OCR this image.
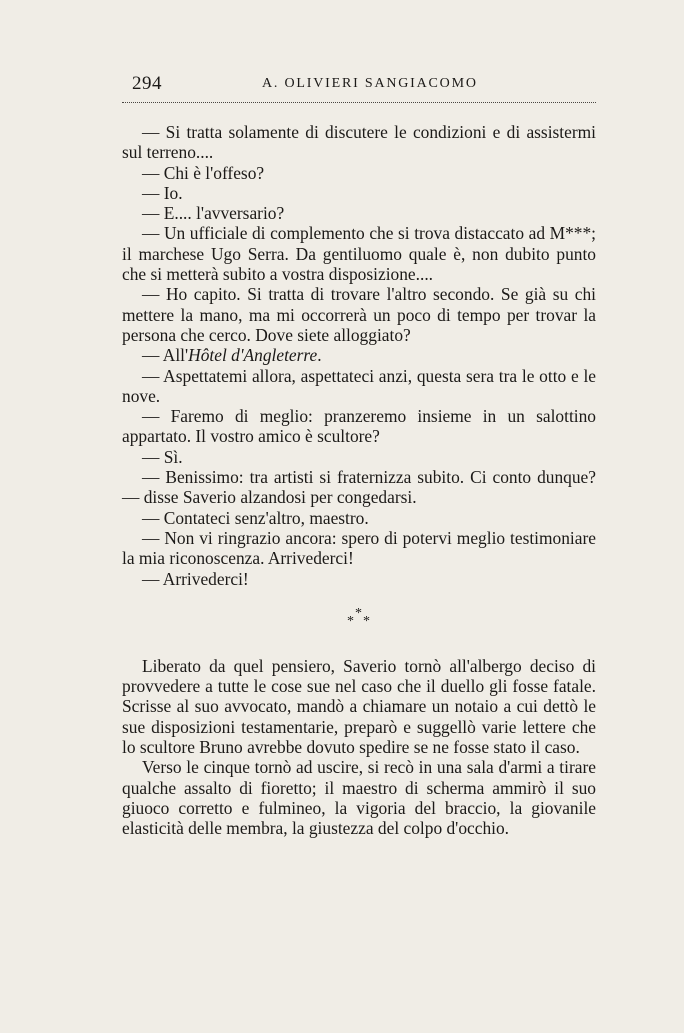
294	A. OLIVIERI SANGIACOMO

— Si tratta solamente di discutere le condizioni e di assistermi sul terreno....

— Chi è l'offeso?

— Io.

— E.... l'avversario?

— Un ufficiale di complemento che si trova distaccato ad M***; il marchese Ugo Serra. Da gentiluomo quale è, non dubito punto che si metterà subito a vostra disposizione....

— Ho capito. Si tratta di trovare l'altro secondo. Se già su chi mettere la mano, ma mi occorrerà un poco di tempo per trovar la persona che cerco. Dove siete alloggiato?

— All'Hôtel d'Angleterre.

— Aspettatemi allora, aspettateci anzi, questa sera tra le otto e le nove.

— Faremo di meglio: pranzeremo insieme in un salottino appartato. Il vostro amico è scultore?

— Sì.

— Benissimo: tra artisti si fraternizza subito. Ci conto dunque? — disse Saverio alzandosi per congedarsi.

— Contateci senz'altro, maestro.

— Non vi ringrazio ancora: spero di potervi meglio testimoniare la mia riconoscenza. Arrivederci!

— Arrivederci!

*
*
*

Liberato da quel pensiero, Saverio tornò all'albergo deciso di provvedere a tutte le cose sue nel caso che il duello gli fosse fatale. Scrisse al suo avvocato, mandò a chiamare un notaio a cui dettò le sue disposizioni testamentarie, preparò e suggellò varie lettere che lo scultore Bruno avrebbe dovuto spedire se ne fosse stato il caso.

Verso le cinque tornò ad uscire, si recò in una sala d'armi a tirare qualche assalto di fioretto; il maestro di scherma ammirò il suo giuoco corretto e fulmineo, la vigoria del braccio, la giovanile elasticità delle membra, la giustezza del colpo d'occhio.
